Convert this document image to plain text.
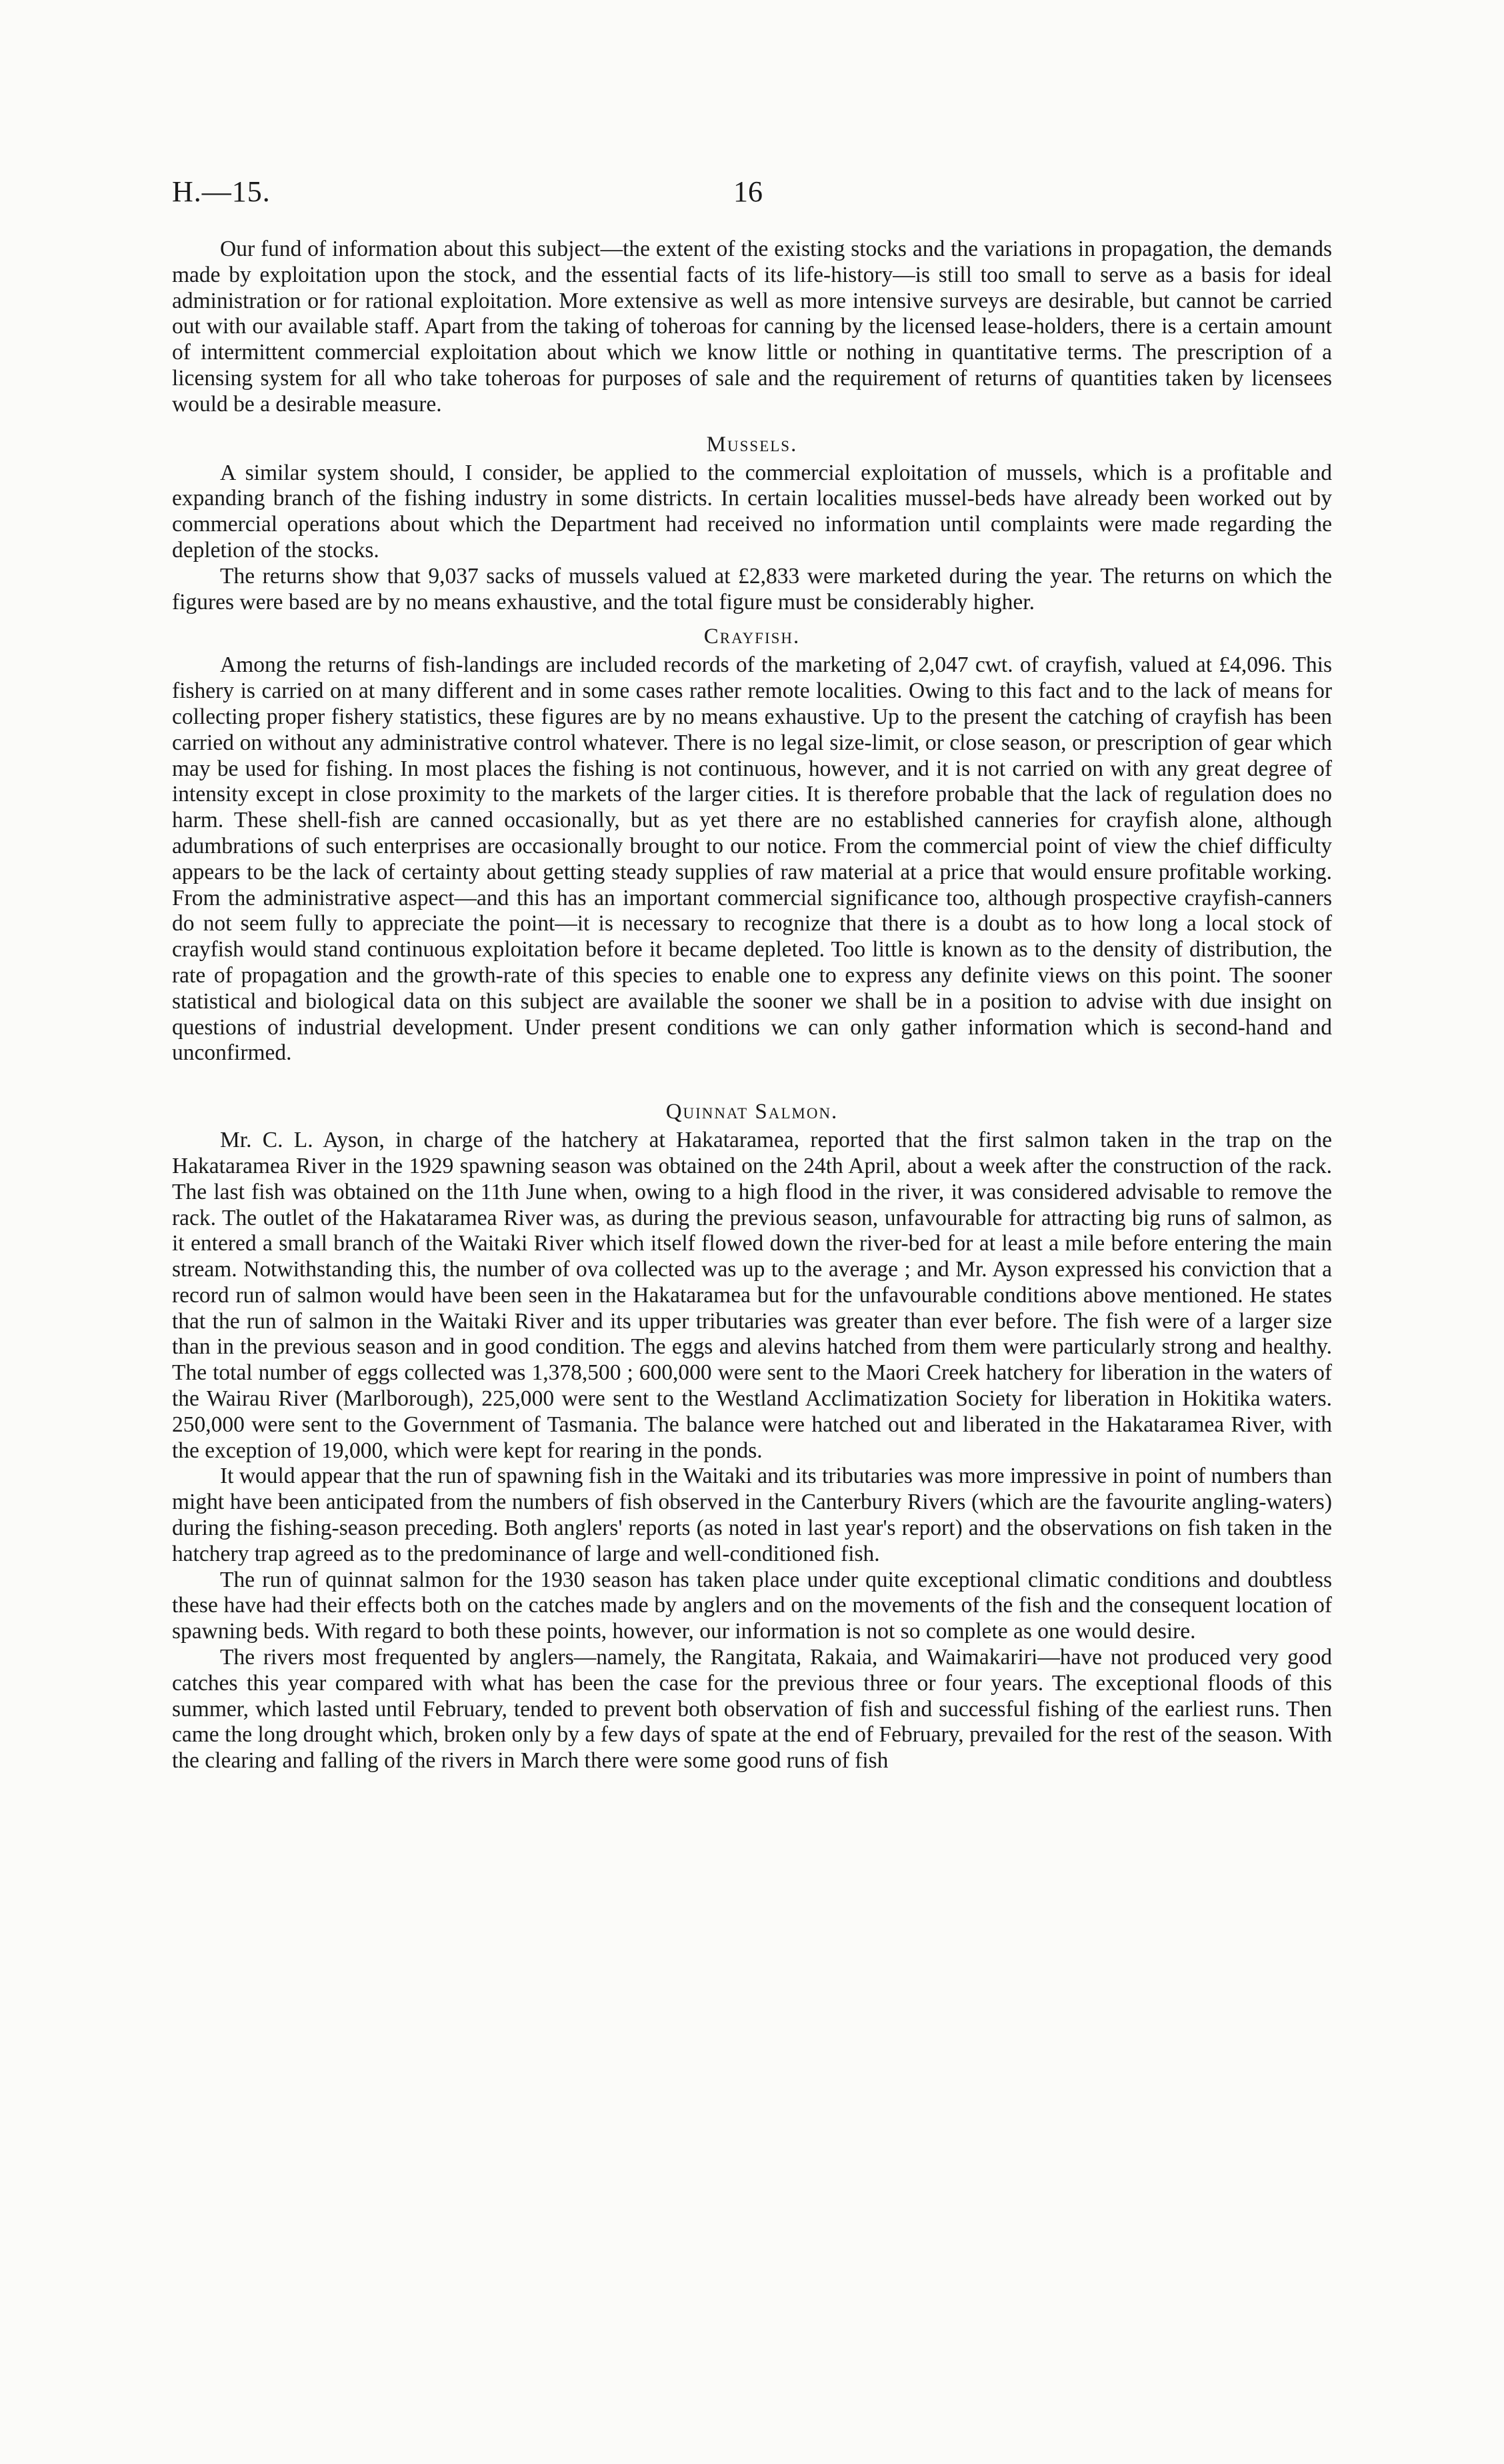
H.—15.	16

Our fund of information about this subject—the extent of the existing stocks and the variations in propagation, the demands made by exploitation upon the stock, and the essential facts of its life-history—is still too small to serve as a basis for ideal administration or for rational exploitation. More extensive as well as more intensive surveys are desirable, but cannot be carried out with our available staff. Apart from the taking of toheroas for canning by the licensed lease-holders, there is a certain amount of intermittent commercial exploitation about which we know little or nothing in quantitative terms. The prescription of a licensing system for all who take toheroas for purposes of sale and the requirement of returns of quantities taken by licensees would be a desirable measure.

Mussels.

A similar system should, I consider, be applied to the commercial exploitation of mussels, which is a profitable and expanding branch of the fishing industry in some districts. In certain localities mussel-beds have already been worked out by commercial operations about which the Department had received no information until complaints were made regarding the depletion of the stocks.

The returns show that 9,037 sacks of mussels valued at £2,833 were marketed during the year. The returns on which the figures were based are by no means exhaustive, and the total figure must be considerably higher.

Crayfish.

Among the returns of fish-landings are included records of the marketing of 2,047 cwt. of crayfish, valued at £4,096. This fishery is carried on at many different and in some cases rather remote localities. Owing to this fact and to the lack of means for collecting proper fishery statistics, these figures are by no means exhaustive. Up to the present the catching of crayfish has been carried on without any administrative control whatever. There is no legal size-limit, or close season, or prescription of gear which may be used for fishing. In most places the fishing is not continuous, however, and it is not carried on with any great degree of intensity except in close proximity to the markets of the larger cities. It is therefore probable that the lack of regulation does no harm. These shell-fish are canned occasionally, but as yet there are no established canneries for crayfish alone, although adumbrations of such enterprises are occasionally brought to our notice. From the commercial point of view the chief difficulty appears to be the lack of certainty about getting steady supplies of raw material at a price that would ensure profitable working. From the administrative aspect—and this has an important commercial significance too, although prospective crayfish-canners do not seem fully to appreciate the point—it is necessary to recognize that there is a doubt as to how long a local stock of crayfish would stand continuous exploitation before it became depleted. Too little is known as to the density of distribution, the rate of propagation and the growth-rate of this species to enable one to express any definite views on this point. The sooner statistical and biological data on this subject are available the sooner we shall be in a position to advise with due insight on questions of industrial development. Under present conditions we can only gather information which is second-hand and unconfirmed.

Quinnat Salmon.

Mr. C. L. Ayson, in charge of the hatchery at Hakataramea, reported that the first salmon taken in the trap on the Hakataramea River in the 1929 spawning season was obtained on the 24th April, about a week after the construction of the rack. The last fish was obtained on the 11th June when, owing to a high flood in the river, it was considered advisable to remove the rack. The outlet of the Hakataramea River was, as during the previous season, unfavourable for attracting big runs of salmon, as it entered a small branch of the Waitaki River which itself flowed down the river-bed for at least a mile before entering the main stream. Notwithstanding this, the number of ova collected was up to the average ; and Mr. Ayson expressed his conviction that a record run of salmon would have been seen in the Hakataramea but for the unfavourable conditions above mentioned. He states that the run of salmon in the Waitaki River and its upper tributaries was greater than ever before. The fish were of a larger size than in the previous season and in good condition. The eggs and alevins hatched from them were particularly strong and healthy. The total number of eggs collected was 1,378,500 ; 600,000 were sent to the Maori Creek hatchery for liberation in the waters of the Wairau River (Marlborough), 225,000 were sent to the Westland Acclimatization Society for liberation in Hokitika waters. 250,000 were sent to the Government of Tasmania. The balance were hatched out and liberated in the Hakataramea River, with the exception of 19,000, which were kept for rearing in the ponds.

It would appear that the run of spawning fish in the Waitaki and its tributaries was more impressive in point of numbers than might have been anticipated from the numbers of fish observed in the Canterbury Rivers (which are the favourite angling-waters) during the fishing-season preceding. Both anglers' reports (as noted in last year's report) and the observations on fish taken in the hatchery trap agreed as to the predominance of large and well-conditioned fish.

The run of quinnat salmon for the 1930 season has taken place under quite exceptional climatic conditions and doubtless these have had their effects both on the catches made by anglers and on the movements of the fish and the consequent location of spawning beds. With regard to both these points, however, our information is not so complete as one would desire.

The rivers most frequented by anglers—namely, the Rangitata, Rakaia, and Waimakariri—have not produced very good catches this year compared with what has been the case for the previous three or four years. The exceptional floods of this summer, which lasted until February, tended to prevent both observation of fish and successful fishing of the earliest runs. Then came the long drought which, broken only by a few days of spate at the end of February, prevailed for the rest of the season. With the clearing and falling of the rivers in March there were some good runs of fish
